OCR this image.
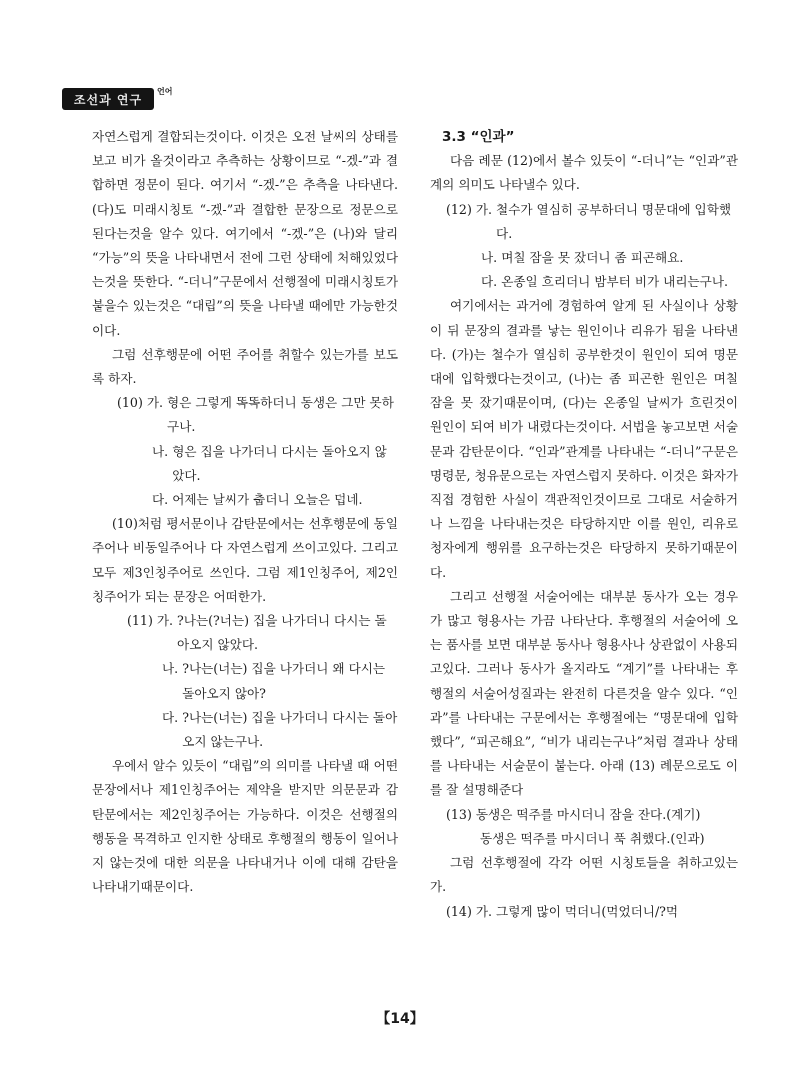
조선과 연구
언어

자연스럽게 결합되는것이다. 이것은 오전 날씨의 상태를 보고 비가 올것이라고 추측하는 상황이므로 “-겠-”과 결합하면 정문이 된다. 여기서 “-겠-”은 추측을 나타낸다. (다)도 미래시칭토 “-겠-”과 결합한 문장으로 정문으로 된다는것을 알수 있다. 여기에서 “-겠-”은 (나)와 달리 “가능”의 뜻을 나타내면서 전에 그런 상태에 처해있었다는것을 뜻한다. “-더니”구문에서 선행절에 미래시칭토가 붙을수 있는것은 “대립”의 뜻을 나타낼 때에만 가능한것이다.

그럼 선후행문에 어떤 주어를 취할수 있는가를 보도록 하자.

(10) 가. 형은 그렇게 똑똑하더니 동생은 그만 못하구나.
나. 형은 집을 나가더니 다시는 돌아오지 않았다.
다. 어제는 날씨가 춥더니 오늘은 덥네.

(10)처럼 평서문이나 감탄문에서는 선후행문에 동일주어나 비동일주어나 다 자연스럽게 쓰이고있다. 그리고 모두 제3인칭주어로 쓰인다. 그럼 제1인칭주어, 제2인칭주어가 되는 문장은 어떠한가.

(11) 가. ?나는(?너는) 집을 나가더니 다시는 돌아오지 않았다.
나. ?나는(너는) 집을 나가더니 왜 다시는 돌아오지 않아?
다. ?나는(너는) 집을 나가더니 다시는 돌아오지 않는구나.

우에서 알수 있듯이 “대립”의 의미를 나타낼 때 어떤 문장에서나 제1인칭주어는 제약을 받지만 의문문과 감탄문에서는 제2인칭주어는 가능하다. 이것은 선행절의 행동을 목격하고 인지한 상태로 후행절의 행동이 일어나지 않는것에 대한 의문을 나타내거나 이에 대해 감탄을 나타내기때문이다.

3.3 “인과”

다음 례문 (12)에서 볼수 있듯이 “-더니”는 “인과”관계의 의미도 나타낼수 있다.

(12) 가. 철수가 열심히 공부하더니 명문대에 입학했다.
나. 며칠 잠을 못 잤더니 좀 피곤해요.
다. 온종일 흐리더니 밤부터 비가 내리는구나.

여기에서는 과거에 경험하여 알게 된 사실이나 상황이 뒤 문장의 결과를 낳는 원인이나 리유가 됨을 나타낸다. (가)는 철수가 열심히 공부한것이 원인이 되여 명문대에 입학했다는것이고, (나)는 좀 피곤한 원인은 며칠 잠을 못 잤기때문이며, (다)는 온종일 날씨가 흐린것이 원인이 되여 비가 내렸다는것이다. 서법을 놓고보면 서술문과 감탄문이다. “인과”관계를 나타내는 “-더니”구문은 명령문, 청유문으로는 자연스럽지 못하다. 이것은 화자가 직접 경험한 사실이 객관적인것이므로 그대로 서술하거나 느낌을 나타내는것은 타당하지만 이를 원인, 리유로 청자에게 행위를 요구하는것은 타당하지 못하기때문이다.

그리고 선행절 서술어에는 대부분 동사가 오는 경우가 많고 형용사는 가끔 나타난다. 후행절의 서술어에 오는 품사를 보면 대부분 동사나 형용사나 상관없이 사용되고있다. 그러나 동사가 올지라도 “계기”를 나타내는 후행절의 서술어성질과는 완전히 다른것을 알수 있다. “인과”를 나타내는 구문에서는 후행절에는 “명문대에 입학했다”, “피곤해요”, “비가 내리는구나”처럼 결과나 상태를 나타내는 서술문이 붙는다. 아래 (13) 례문으로도 이를 잘 설명해준다

(13) 동생은 떡주를 마시더니 잠을 잔다.(계기)
동생은 떡주를 마시더니 푹 취했다.(인과)

그럼 선후행절에 각각 어떤 시칭토들을 취하고있는가.

(14) 가. 그렇게 많이 먹더니(먹었더니/?먹
【14】
